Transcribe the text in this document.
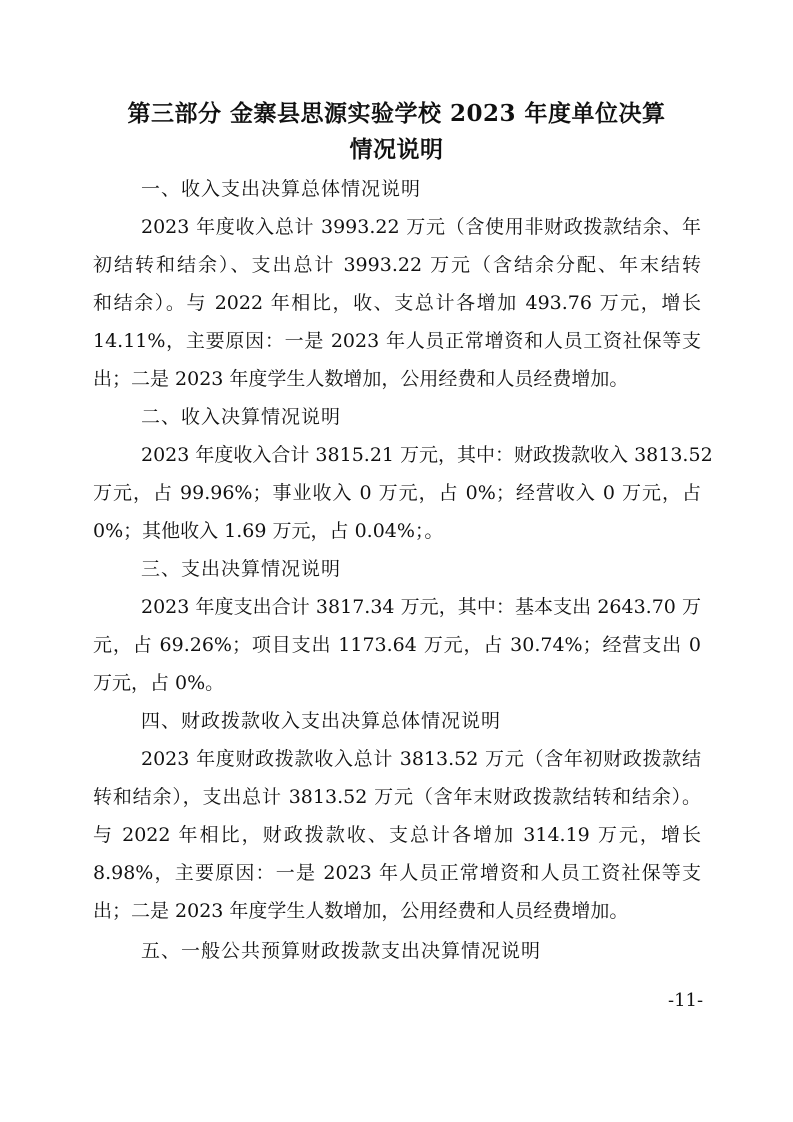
第三部分 金寨县思源实验学校 2023 年度单位决算
情况说明
一、收入支出决算总体情况说明
2023 年度收入总计 3993.22 万元（含使用非财政拨款结余、年
初结转和结余）、支出总计 3993.22 万元（含结余分配、年末结转
和结余）。与 2022 年相比，收、支总计各增加 493.76 万元，增长
14.11%，主要原因：一是 2023 年人员正常增资和人员工资社保等支
出；二是 2023 年度学生人数增加，公用经费和人员经费增加。
二、收入决算情况说明
2023 年度收入合计 3815.21 万元，其中：财政拨款收入 3813.52
万元，占 99.96%；事业收入 0 万元，占 0%；经营收入 0 万元，占
0%；其他收入 1.69 万元，占 0.04%；。
三、支出决算情况说明
2023 年度支出合计 3817.34 万元，其中：基本支出 2643.70 万
元，占 69.26%；项目支出 1173.64 万元，占 30.74%；经营支出 0
万元，占 0%。
四、财政拨款收入支出决算总体情况说明
2023 年度财政拨款收入总计 3813.52 万元（含年初财政拨款结
转和结余），支出总计 3813.52 万元（含年末财政拨款结转和结余）。
与 2022 年相比，财政拨款收、支总计各增加 314.19 万元，增长
8.98%，主要原因：一是 2023 年人员正常增资和人员工资社保等支
出；二是 2023 年度学生人数增加，公用经费和人员经费增加。
五、一般公共预算财政拨款支出决算情况说明
-11-
